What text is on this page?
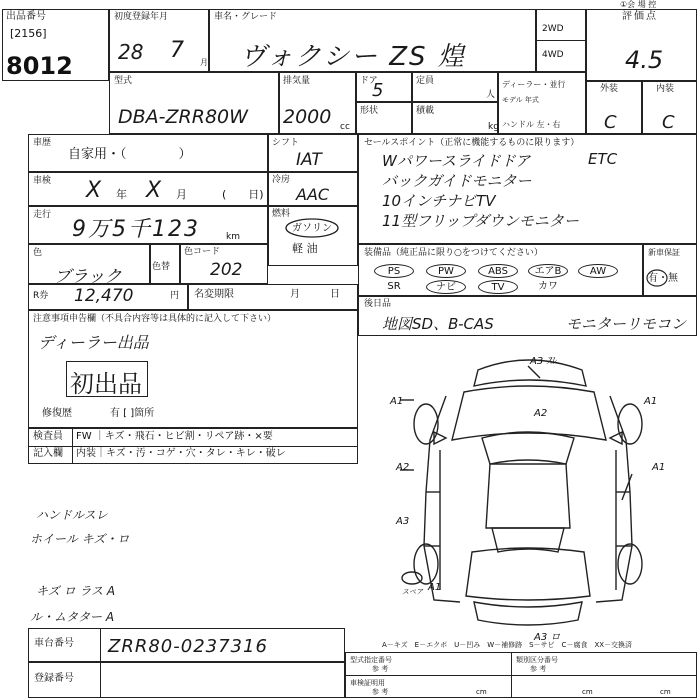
①会 場 控
出品番号
[2156]
8012
初度登録年月
28 7 月
車名・グレード
ヴォクシー ZS 煌
2WD
4WD
評価点
4.5
型式
DBA-ZRR80W
排気量
2000 cc
ドア
5	定員
人
形状	積載
kg
ディーラー・並行
モデル 年式
ハンドル 左・右
外装	内装
C	C
車歴
自家用・（　　　　）
シフト
IAT
車検 X 年 X 月	(　　日)
冷房
AAC
走行
9万5千123	km
燃料
ガソリン
軽 油
色
ブラック	色替
色コード
202
R券 12,470	円 名変期限	月	日
注意事項申告欄（不具合内容等は具体的に記入して下さい）
ディーラー出品
初出品
修復歴	有 [ ]箇所
セールスポイント（正常に機能するものに限ります）
Wパワースライドドア	ETC
バックガイドモニター
10インチナビTV
11型フリップダウンモニター
装備品（純正品に限り○をつけてください）	新車保証
有・無
PS	PW	ABS	エアB	AW
SR	ナビ	TV	カワ
後日品
地図SD、B-CAS	モニターリモコン
検査員
記入欄
FW ｜キズ・飛石・ヒビ割・リペア跡・×要
内装｜キズ・汚・コゲ・穴・タレ・キレ・破レ
ハンドルスレ
ホイール キズ・ロ
キズ ロ ラス A
ル・ムタター A
車台番号 ZRR80-0237316
登録番号
型式指定番号
参 考
車検証明用
参 考
類別区分番号
参 考
cm	cm	cm
A－キズ　E－エクボ　U－凹み　W－補修跡　S－サビ　C－腐食　XX－交換済
A3 ｽﾚ
A1
A2
A1
A2	A1
A3
A1
スペア
A3 ロ
